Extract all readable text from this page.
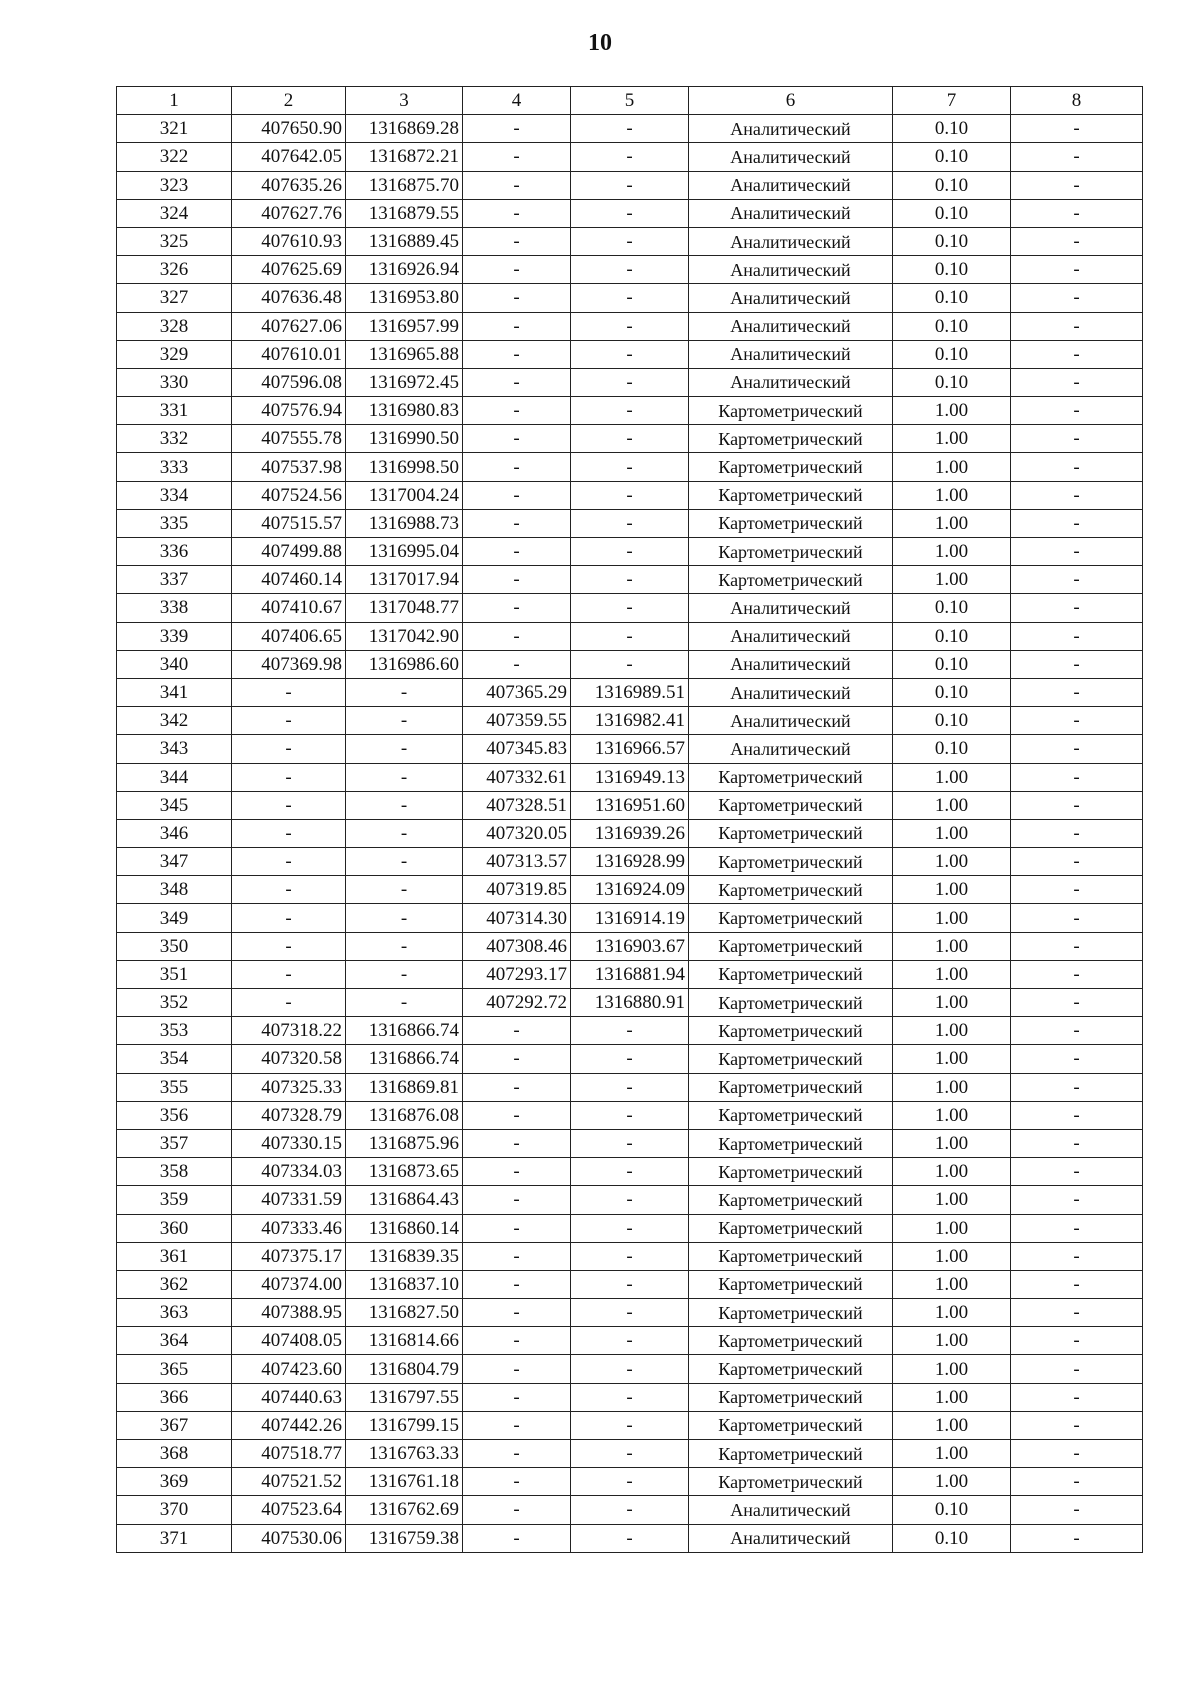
10
1	2	3	4	5	6	7	8
321	407650.90	1316869.28	-	-	Аналитический	0.10	-
322	407642.05	1316872.21	-	-	Аналитический	0.10	-
323	407635.26	1316875.70	-	-	Аналитический	0.10	-
324	407627.76	1316879.55	-	-	Аналитический	0.10	-
325	407610.93	1316889.45	-	-	Аналитический	0.10	-
326	407625.69	1316926.94	-	-	Аналитический	0.10	-
327	407636.48	1316953.80	-	-	Аналитический	0.10	-
328	407627.06	1316957.99	-	-	Аналитический	0.10	-
329	407610.01	1316965.88	-	-	Аналитический	0.10	-
330	407596.08	1316972.45	-	-	Аналитический	0.10	-
331	407576.94	1316980.83	-	-	Картометрический	1.00	-
332	407555.78	1316990.50	-	-	Картометрический	1.00	-
333	407537.98	1316998.50	-	-	Картометрический	1.00	-
334	407524.56	1317004.24	-	-	Картометрический	1.00	-
335	407515.57	1316988.73	-	-	Картометрический	1.00	-
336	407499.88	1316995.04	-	-	Картометрический	1.00	-
337	407460.14	1317017.94	-	-	Картометрический	1.00	-
338	407410.67	1317048.77	-	-	Аналитический	0.10	-
339	407406.65	1317042.90	-	-	Аналитический	0.10	-
340	407369.98	1316986.60	-	-	Аналитический	0.10	-
341	-	-	407365.29	1316989.51	Аналитический	0.10	-
342	-	-	407359.55	1316982.41	Аналитический	0.10	-
343	-	-	407345.83	1316966.57	Аналитический	0.10	-
344	-	-	407332.61	1316949.13	Картометрический	1.00	-
345	-	-	407328.51	1316951.60	Картометрический	1.00	-
346	-	-	407320.05	1316939.26	Картометрический	1.00	-
347	-	-	407313.57	1316928.99	Картометрический	1.00	-
348	-	-	407319.85	1316924.09	Картометрический	1.00	-
349	-	-	407314.30	1316914.19	Картометрический	1.00	-
350	-	-	407308.46	1316903.67	Картометрический	1.00	-
351	-	-	407293.17	1316881.94	Картометрический	1.00	-
352	-	-	407292.72	1316880.91	Картометрический	1.00	-
353	407318.22	1316866.74	-	-	Картометрический	1.00	-
354	407320.58	1316866.74	-	-	Картометрический	1.00	-
355	407325.33	1316869.81	-	-	Картометрический	1.00	-
356	407328.79	1316876.08	-	-	Картометрический	1.00	-
357	407330.15	1316875.96	-	-	Картометрический	1.00	-
358	407334.03	1316873.65	-	-	Картометрический	1.00	-
359	407331.59	1316864.43	-	-	Картометрический	1.00	-
360	407333.46	1316860.14	-	-	Картометрический	1.00	-
361	407375.17	1316839.35	-	-	Картометрический	1.00	-
362	407374.00	1316837.10	-	-	Картометрический	1.00	-
363	407388.95	1316827.50	-	-	Картометрический	1.00	-
364	407408.05	1316814.66	-	-	Картометрический	1.00	-
365	407423.60	1316804.79	-	-	Картометрический	1.00	-
366	407440.63	1316797.55	-	-	Картометрический	1.00	-
367	407442.26	1316799.15	-	-	Картометрический	1.00	-
368	407518.77	1316763.33	-	-	Картометрический	1.00	-
369	407521.52	1316761.18	-	-	Картометрический	1.00	-
370	407523.64	1316762.69	-	-	Аналитический	0.10	-
371	407530.06	1316759.38	-	-	Аналитический	0.10	-
